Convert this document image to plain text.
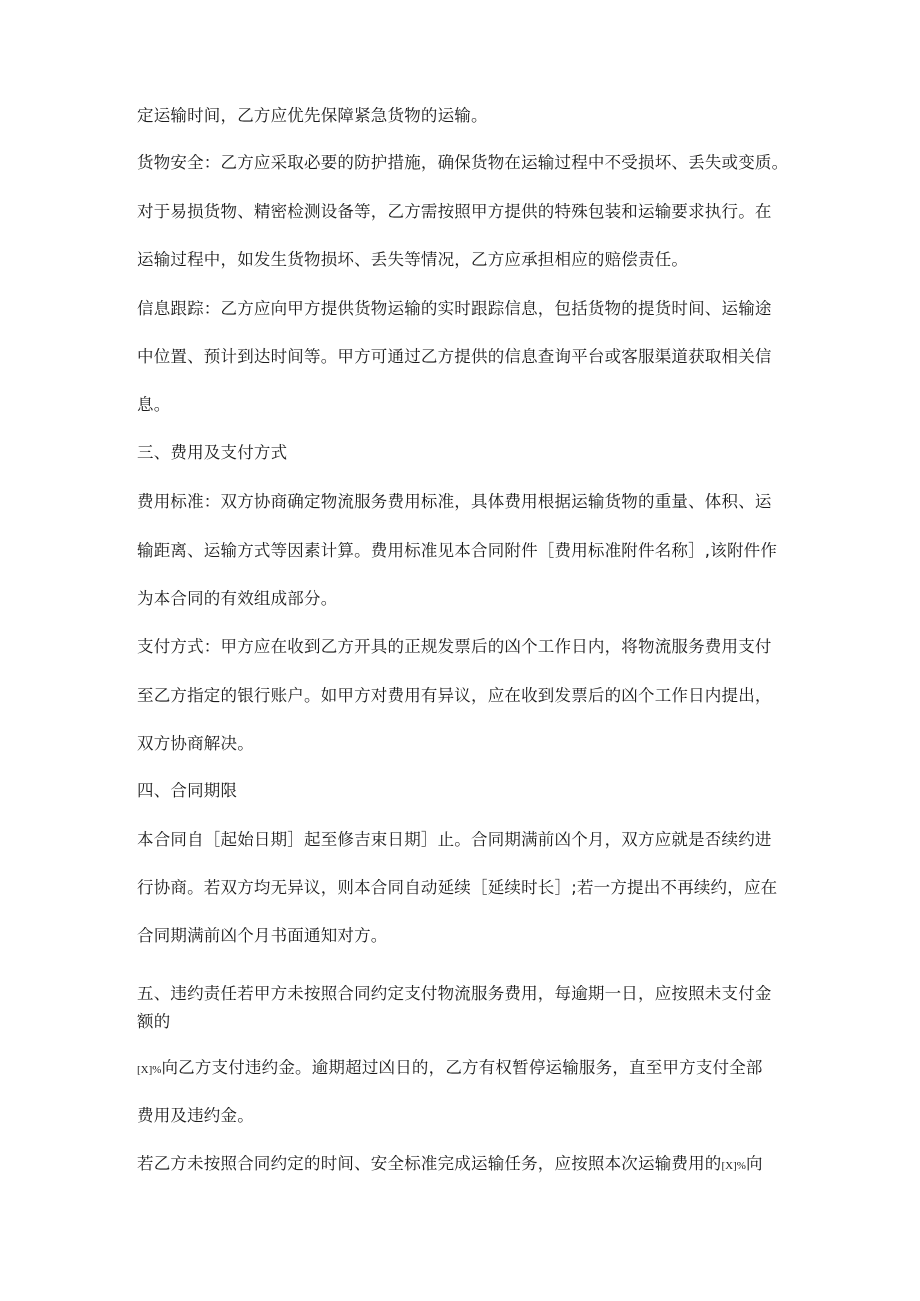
定运输时间，乙方应优先保障紧急货物的运输。
货物安全：乙方应采取必要的防护措施，确保货物在运输过程中不受损坏、丢失或变质。
对于易损货物、精密检测设备等，乙方需按照甲方提供的特殊包装和运输要求执行。在
运输过程中，如发生货物损坏、丢失等情况，乙方应承担相应的赔偿责任。
信息跟踪：乙方应向甲方提供货物运输的实时跟踪信息，包括货物的提货时间、运输途
中位置、预计到达时间等。甲方可通过乙方提供的信息查询平台或客服渠道获取相关信
息。
三、费用及支付方式
费用标准：双方协商确定物流服务费用标准，具体费用根据运输货物的重量、体积、运
输距离、运输方式等因素计算。费用标准见本合同附件［费用标准附件名称］,该附件作
为本合同的有效组成部分。
支付方式：甲方应在收到乙方开具的正规发票后的凶个工作日内，将物流服务费用支付
至乙方指定的银行账户。如甲方对费用有异议，应在收到发票后的凶个工作日内提出，
双方协商解决。
四、合同期限
本合同自［起始日期］起至修吉束日期］止。合同期满前凶个月，双方应就是否续约进
行协商。若双方均无异议，则本合同自动延续［延续时长］;若一方提出不再续约，应在
合同期满前凶个月书面通知对方。
五、违约责任若甲方未按照合同约定支付物流服务费用，每逾期一日，应按照未支付金
额的
[X]%向乙方支付违约金。逾期超过凶日的，乙方有权暂停运输服务，直至甲方支付全部
费用及违约金。
若乙方未按照合同约定的时间、安全标准完成运输任务，应按照本次运输费用的[X]%向
